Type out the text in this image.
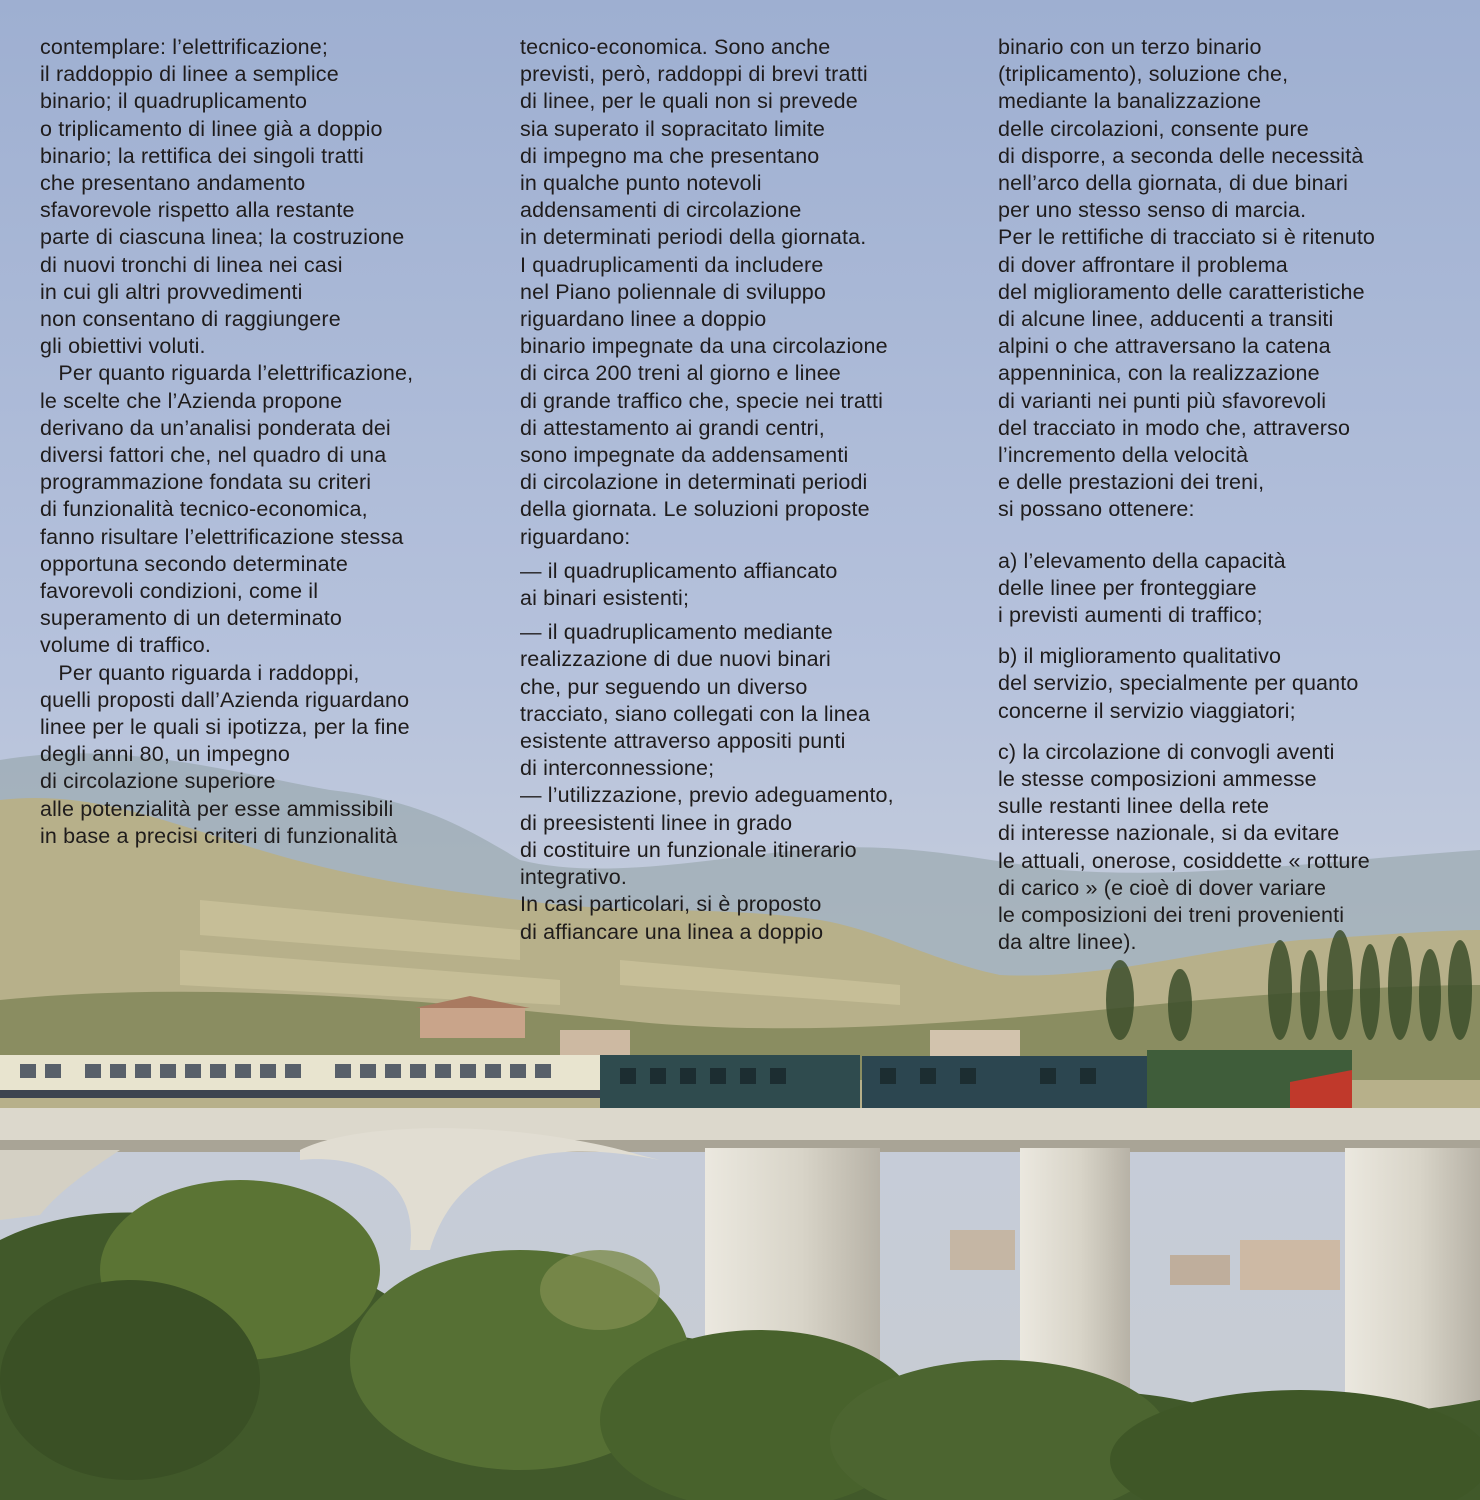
contemplare: l’elettrificazione;

il raddoppio di linee a semplice

binario; il quadruplicamento

o triplicamento di linee già a doppio

binario; la rettifica dei singoli tratti

che presentano andamento

sfavorevole rispetto alla restante

parte di ciascuna linea; la costruzione

di nuovi tronchi di linea nei casi

in cui gli altri provvedimenti

non consentano di raggiungere

gli obiettivi voluti.

Per quanto riguarda l’elettrificazione,

le scelte che l’Azienda propone

derivano da un’analisi ponderata dei

diversi fattori che, nel quadro di una

programmazione fondata su criteri

di funzionalità tecnico-economica,

fanno risultare l’elettrificazione stessa

opportuna secondo determinate

favorevoli condizioni, come il

superamento di un determinato

volume di traffico.

Per quanto riguarda i raddoppi,

quelli proposti dall’Azienda riguardano

linee per le quali si ipotizza, per la fine

degli anni 80, un impegno

di circolazione superiore

alle potenzialità per esse ammissibili

in base a precisi criteri di funzionalità

tecnico-economica. Sono anche

previsti, però, raddoppi di brevi tratti

di linee, per le quali non si prevede

sia superato il sopracitato limite

di impegno ma che presentano

in qualche punto notevoli

addensamenti di circolazione

in determinati periodi della giornata.

I quadruplicamenti da includere

nel Piano poliennale di sviluppo

riguardano linee a doppio

binario impegnate da una circolazione

di circa 200 treni al giorno e linee

di grande traffico che, specie nei tratti

di attestamento ai grandi centri,

sono impegnate da addensamenti

di circolazione in determinati periodi

della giornata. Le soluzioni proposte

riguardano:

— il quadruplicamento affiancato

ai binari esistenti;

— il quadruplicamento mediante

realizzazione di due nuovi binari

che, pur seguendo un diverso

tracciato, siano collegati con la linea

esistente attraverso appositi punti

di interconnessione;

— l’utilizzazione, previo adeguamento,

di preesistenti linee in grado

di costituire un funzionale itinerario

integrativo.

In casi particolari, si è proposto

di affiancare una linea a doppio

binario con un terzo binario

(triplicamento), soluzione che,

mediante la banalizzazione

delle circolazioni, consente pure

di disporre, a seconda delle necessità

nell’arco della giornata, di due binari

per uno stesso senso di marcia.

Per le rettifiche di tracciato si è ritenuto

di dover affrontare il problema

del miglioramento delle caratteristiche

di alcune linee, adducenti a transiti

alpini o che attraversano la catena

appenninica, con la realizzazione

di varianti nei punti più sfavorevoli

del tracciato in modo che, attraverso

l’incremento della velocità

e delle prestazioni dei treni,

si possano ottenere:

a) l’elevamento della capacità

delle linee per fronteggiare

i previsti aumenti di traffico;

b) il miglioramento qualitativo

del servizio, specialmente per quanto

concerne il servizio viaggiatori;

c) la circolazione di convogli aventi

le stesse composizioni ammesse

sulle restanti linee della rete

di interesse nazionale, si da evitare

le attuali, onerose, cosiddette « rotture

di carico » (e cioè di dover variare

le composizioni dei treni provenienti

da altre linee).
